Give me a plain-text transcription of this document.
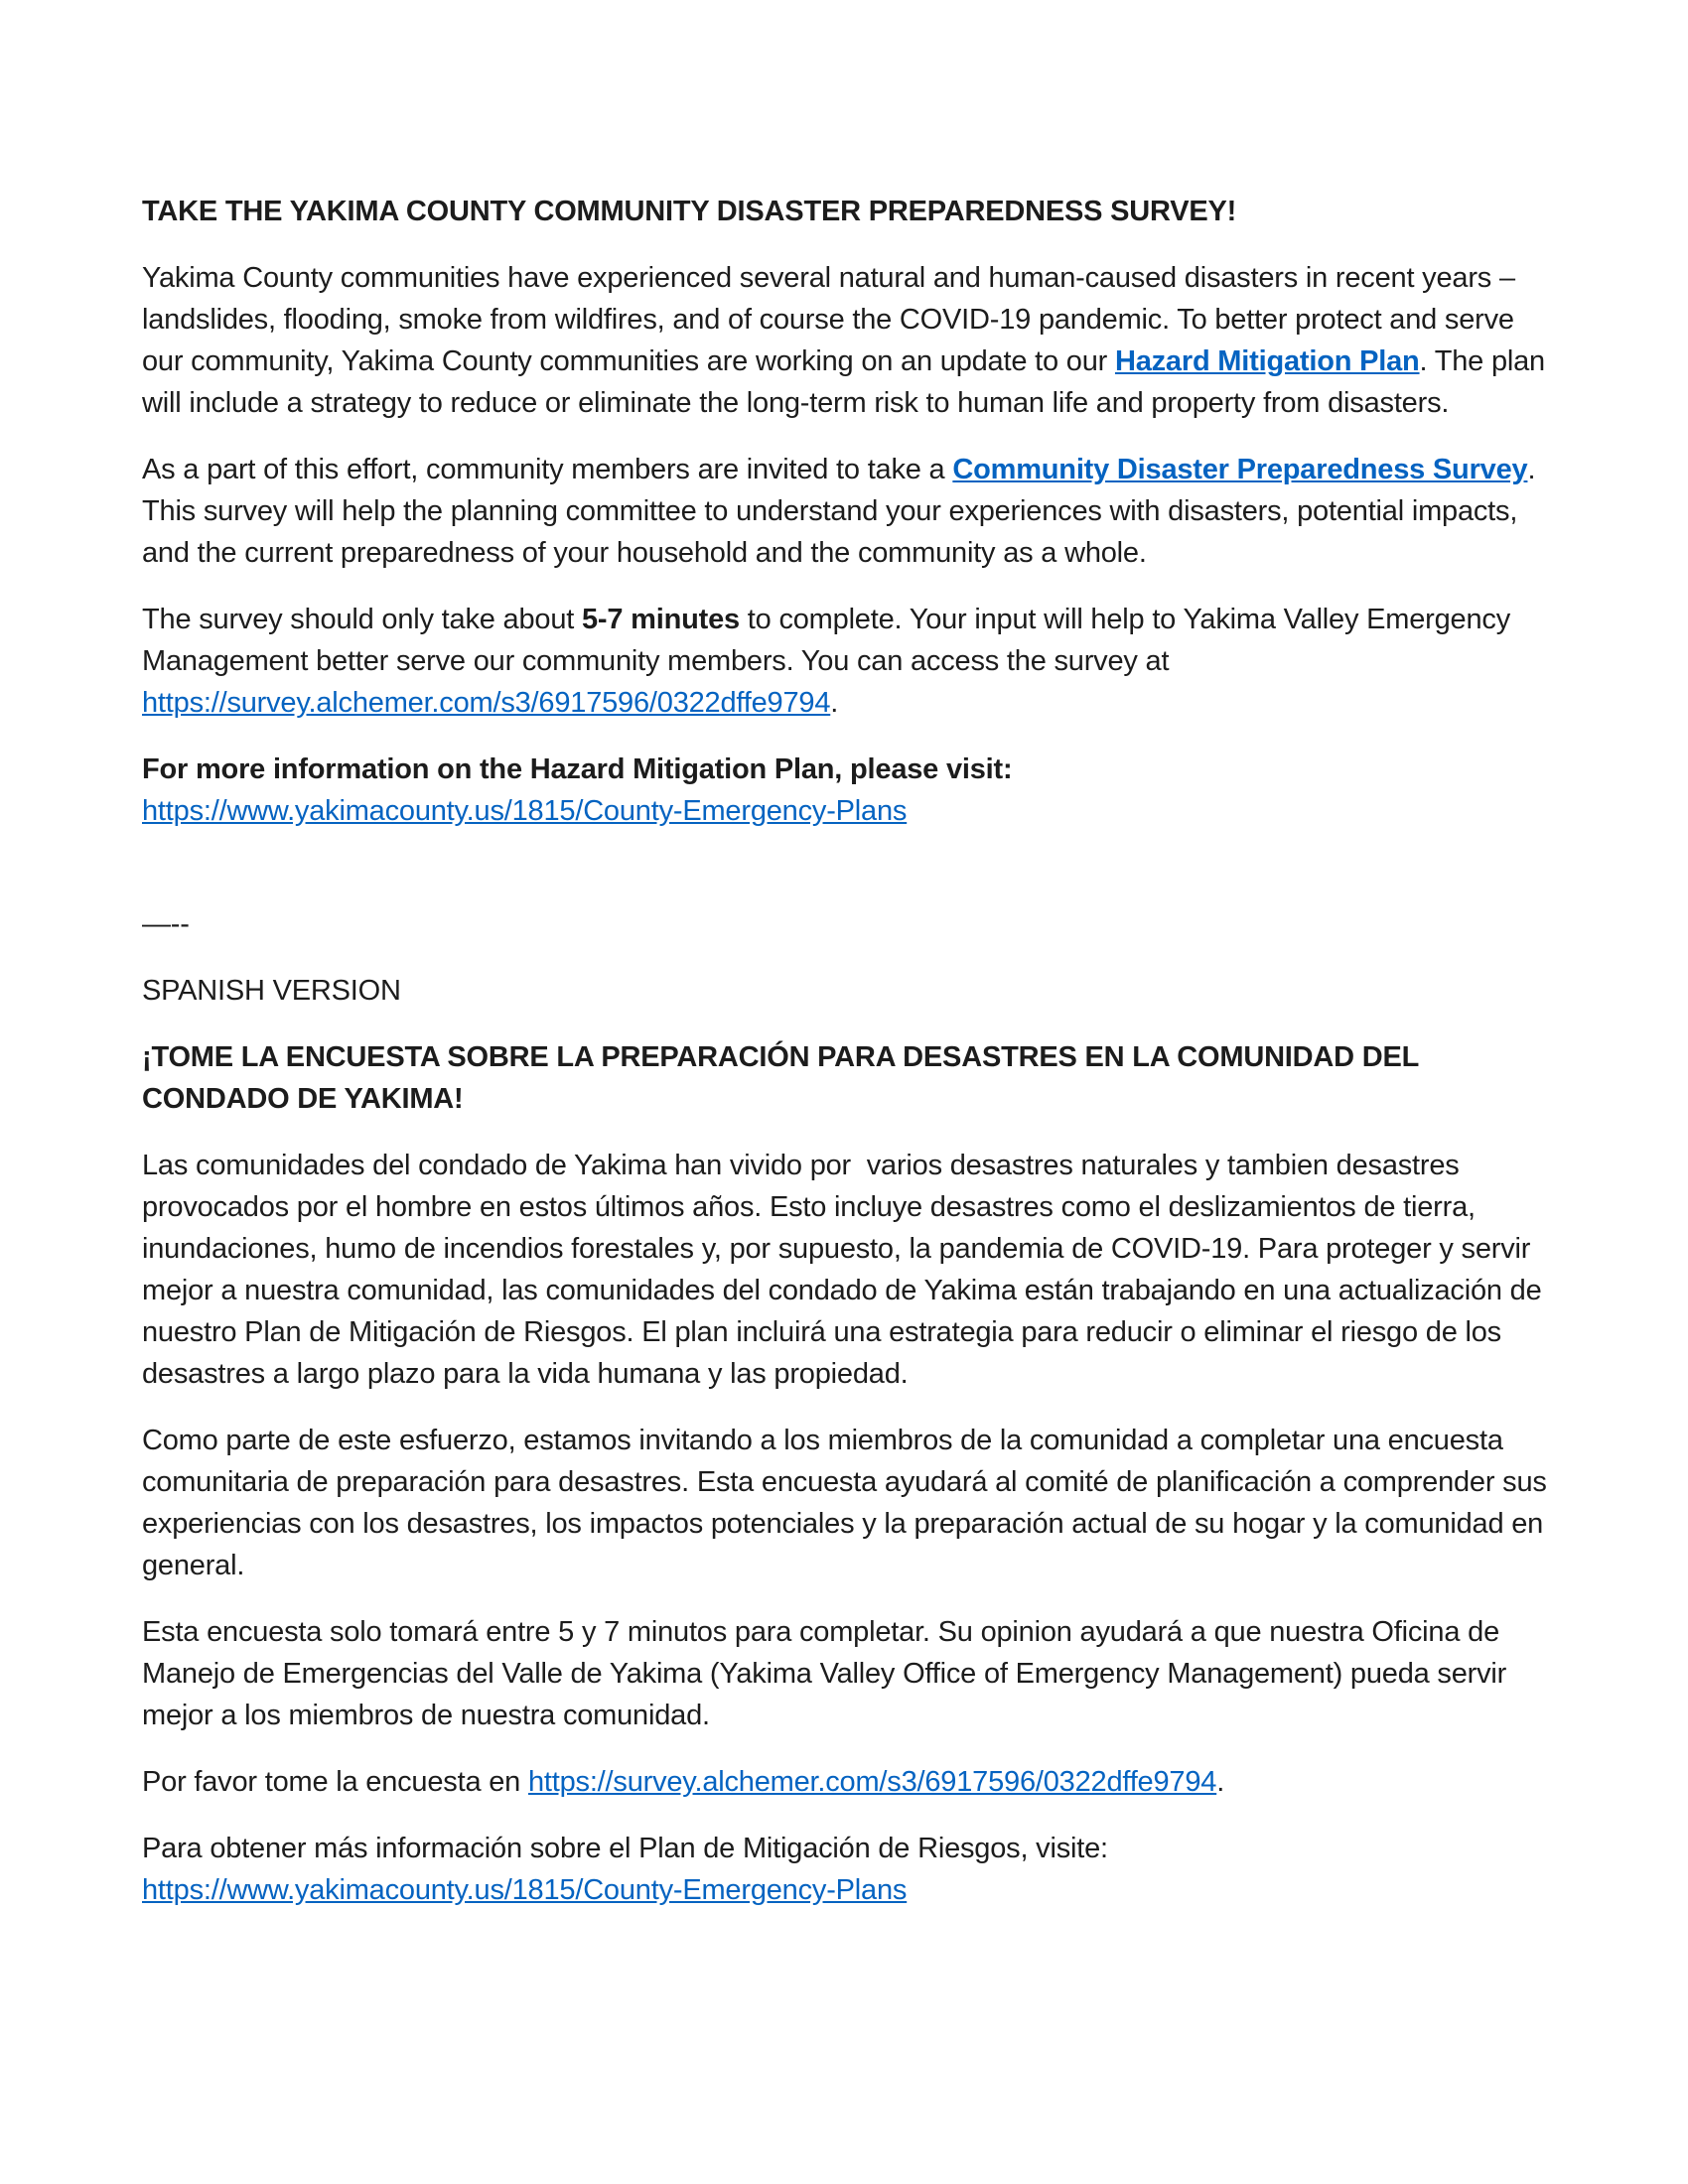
TAKE THE YAKIMA COUNTY COMMUNITY DISASTER PREPAREDNESS SURVEY!

Yakima County communities have experienced several natural and human-caused disasters in recent years – landslides, flooding, smoke from wildfires, and of course the COVID-19 pandemic. To better protect and serve our community, Yakima County communities are working on an update to our Hazard Mitigation Plan. The plan will include a strategy to reduce or eliminate the long-term risk to human life and property from disasters.

As a part of this effort, community members are invited to take a Community Disaster Preparedness Survey. This survey will help the planning committee to understand your experiences with disasters, potential impacts, and the current preparedness of your household and the community as a whole.

The survey should only take about 5-7 minutes to complete. Your input will help to Yakima Valley Emergency Management better serve our community members. You can access the survey at https://survey.alchemer.com/s3/6917596/0322dffe9794.

For more information on the Hazard Mitigation Plan, please visit:
https://www.yakimacounty.us/1815/County-Emergency-Plans

—--

SPANISH VERSION

¡TOME LA ENCUESTA SOBRE LA PREPARACIÓN PARA DESASTRES EN LA COMUNIDAD DEL CONDADO DE YAKIMA!

Las comunidades del condado de Yakima han vivido por  varios desastres naturales y tambien desastres provocados por el hombre en estos últimos años. Esto incluye desastres como el deslizamientos de tierra, inundaciones, humo de incendios forestales y, por supuesto, la pandemia de COVID-19. Para proteger y servir mejor a nuestra comunidad, las comunidades del condado de Yakima están trabajando en una actualización de nuestro Plan de Mitigación de Riesgos. El plan incluirá una estrategia para reducir o eliminar el riesgo de los desastres a largo plazo para la vida humana y las propiedad.

Como parte de este esfuerzo, estamos invitando a los miembros de la comunidad a completar una encuesta comunitaria de preparación para desastres. Esta encuesta ayudará al comité de planificación a comprender sus experiencias con los desastres, los impactos potenciales y la preparación actual de su hogar y la comunidad en general.

Esta encuesta solo tomará entre 5 y 7 minutos para completar. Su opinion ayudará a que nuestra Oficina de Manejo de Emergencias del Valle de Yakima (Yakima Valley Office of Emergency Management) pueda servir mejor a los miembros de nuestra comunidad.

Por favor tome la encuesta en https://survey.alchemer.com/s3/6917596/0322dffe9794.

Para obtener más información sobre el Plan de Mitigación de Riesgos, visite:
https://www.yakimacounty.us/1815/County-Emergency-Plans
